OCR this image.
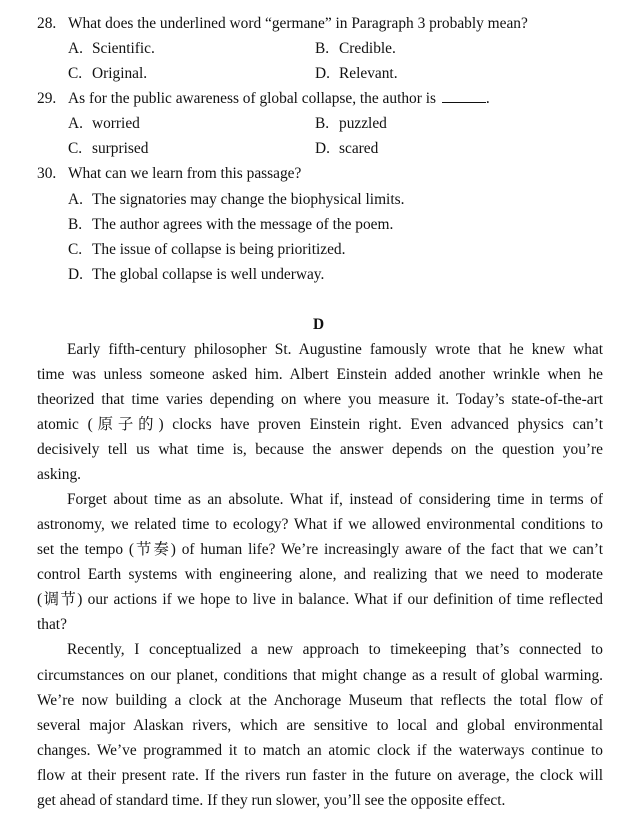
28. What does the underlined word “germane” in Paragraph 3 probably mean?
A. Scientific.	B. Credible.
C. Original.	D. Relevant.
29. As for the public awareness of global collapse, the author is	.
A. worried	B. puzzled
C. surprised	D. scared
30. What can we learn from this passage?
A. The signatories may change the biophysical limits.
B. The author agrees with the message of the poem.
C. The issue of collapse is being prioritized.
D. The global collapse is well underway.
D
Early fifth-century philosopher St. Augustine famously wrote that he knew what
time was unless someone asked him. Albert Einstein added another wrinkle when he
theorized that time varies depending on where you measure it. Today’s state-of-the-art
atomic (原子的) clocks have proven Einstein right. Even advanced physics can’t
decisively tell us what time is, because the answer depends on the question you’re
asking.
Forget about time as an absolute. What if, instead of considering time in terms of
astronomy, we related time to ecology? What if we allowed environmental conditions to
set the tempo (节奏) of human life? We’re increasingly aware of the fact that we can’t
control Earth systems with engineering alone, and realizing that we need to moderate
(调节) our actions if we hope to live in balance. What if our definition of time reflected
that?
Recently, I conceptualized a new approach to timekeeping that’s connected to
circumstances on our planet, conditions that might change as a result of global warming.
We’re now building a clock at the Anchorage Museum that reflects the total flow of
several major Alaskan rivers, which are sensitive to local and global environmental
changes. We’ve programmed it to match an atomic clock if the waterways continue to
flow at their present rate. If the rivers run faster in the future on average, the clock will
get ahead of standard time. If they run slower, you’ll see the opposite effect.
